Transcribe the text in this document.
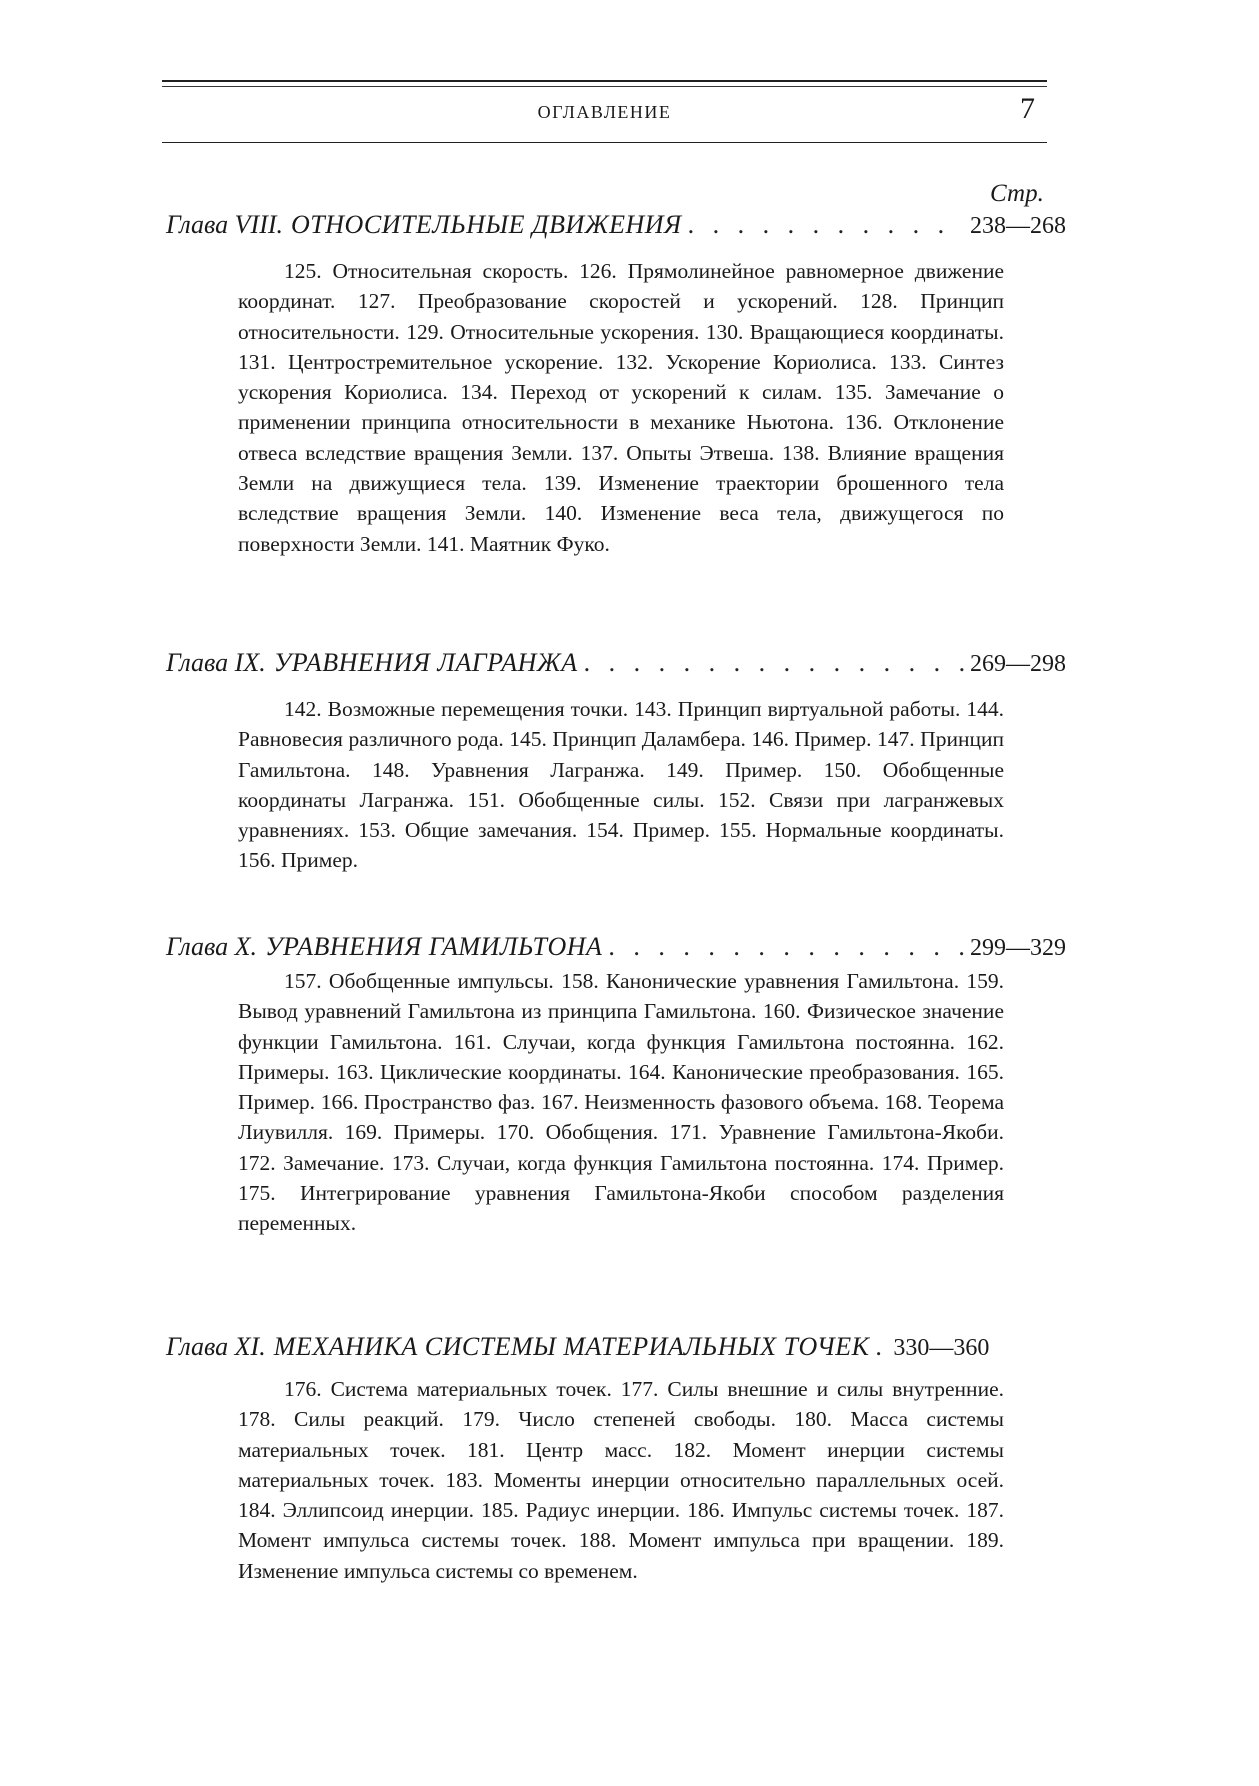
ОГЛАВЛЕНИЕ	7
Стр.
Глава VIII. ОТНОСИТЕЛЬНЫЕ ДВИЖЕНИЯ . . .	238—268
125. Относительная скорость. 126. Прямолинейное равномерное движение координат. 127. Преобразование скоростей и ускорений. 128. Принцип относительности. 129. Относительные ускорения. 130. Вращающиеся координаты. 131. Центростремительное ускорение. 132. Ускорение Кориолиса. 133. Синтез ускорения Кориолиса. 134. Переход от ускорений к силам. 135. Замечание о применении принципа относительности в механике Ньютона. 136. Отклонение отвеса вследствие вращения Земли. 137. Опыты Этвеша. 138. Влияние вращения Земли на движущиеся тела. 139. Изменение траектории брошенного тела вследствие вращения Земли. 140. Изменение веса тела, движущегося по поверхности Земли. 141. Маятник Фуко.
Глава IX. УРАВНЕНИЯ ЛАГРАНЖА . . .	269—298
142. Возможные перемещения точки. 143. Принцип виртуальной работы. 144. Равновесия различного рода. 145. Принцип Даламбера. 146. Пример. 147. Принцип Гамильтона. 148. Уравнения Лагранжа. 149. Пример. 150. Обобщенные координаты Лагранжа. 151. Обобщенные силы. 152. Связи при лагранжевых уравнениях. 153. Общие замечания. 154. Пример. 155. Нормальные координаты. 156. Пример.
Глава X. УРАВНЕНИЯ ГАМИЛЬТОНА . . .	299—329
157. Обобщенные импульсы. 158. Канонические уравнения Гамильтона. 159. Вывод уравнений Гамильтона из принципа Гамильтона. 160. Физическое значение функции Гамильтона. 161. Случаи, когда функция Гамильтона постоянна. 162. Примеры. 163. Циклические координаты. 164. Канонические преобразования. 165. Пример. 166. Пространство фаз. 167. Неизменность фазового объема. 168. Теорема Лиувилля. 169. Примеры. 170. Обобщения. 171. Уравнение Гамильтона-Якоби. 172. Замечание. 173. Случаи, когда функция Гамильтона постоянна. 174. Пример. 175. Интегрирование уравнения Гамильтона-Якоби способом разделения переменных.
Глава XI. МЕХАНИКА СИСТЕМЫ МАТЕРИАЛЬНЫХ ТОЧЕК . . . 330—360
176. Система материальных точек. 177. Силы внешние и силы внутренние. 178. Силы реакций. 179. Число степеней свободы. 180. Масса системы материальных точек. 181. Центр масс. 182. Момент инерции системы материальных точек. 183. Моменты инерции относительно параллельных осей. 184. Эллипсоид инерции. 185. Радиус инерции. 186. Импульс системы точек. 187. Момент импульса системы точек. 188. Момент импульса при вращении. 189. Изменение импульса системы со временем.
